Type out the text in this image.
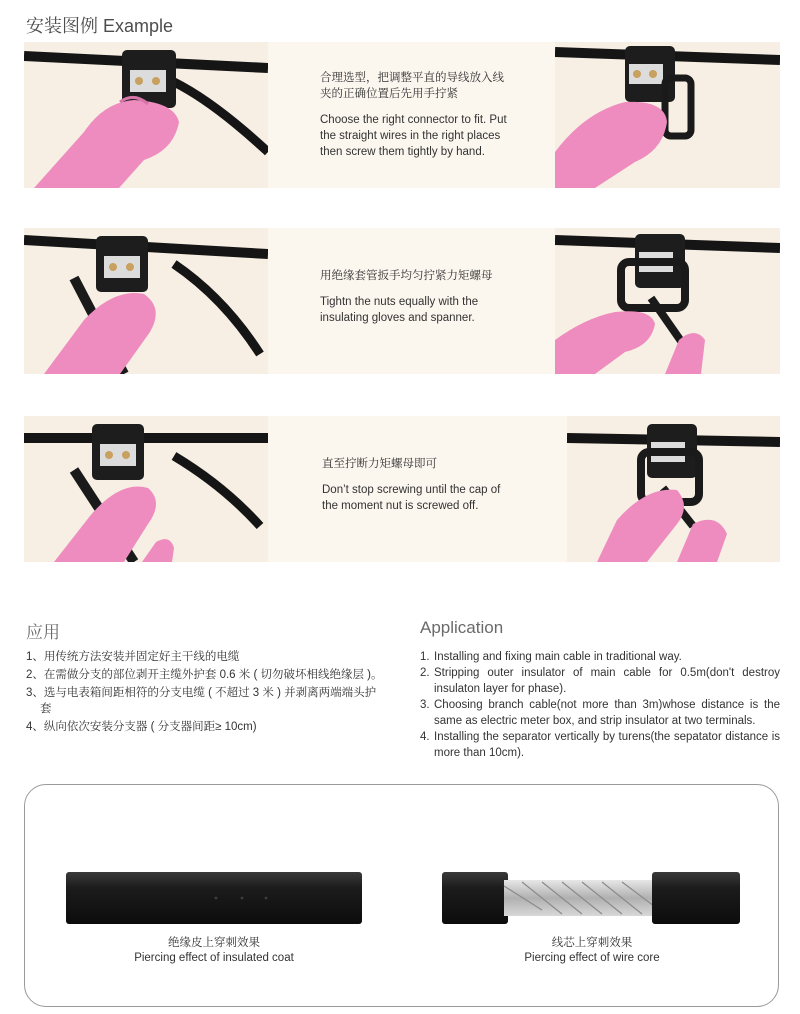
安装图例 Example
合理选型，把调整平直的导线放入线夹的正确位置后先用手拧紧
Choose the right connector to fit. Put the straight wires in the right places then screw them tightly by hand.
用绝缘套管扳手均匀拧紧力矩螺母
Tightn the nuts equally with the insulating gloves and spanner.
直至拧断力矩螺母即可
Don’t stop screwing until the cap of the moment nut is screwed off.
应用
1、用传统方法安装并固定好主干线的电缆
2、在需做分支的部位剥开主缆外护套 0.6 米 ( 切勿破坏相线绝缘层 )。
3、选与电表箱间距相符的分支电缆 ( 不超过 3 米 ) 并剥离两端端头护套
4、纵向依次安装分支器 ( 分支器间距≥ 10cm)
Application
1. Installing and fixing main cable in traditional way.
2. Stripping outer insulator of main cable for 0.5m(don't destroy insulaton layer for phase).
3. Choosing branch cable(not more than 3m)whose distance is the same as electric meter box, and strip insulator at two terminals.
4. Installing the separator vertically by turens(the sepatator distance is more than 10cm).
绝缘皮上穿刺效果
Piercing effect of insulated coat
线芯上穿刺效果
Piercing effect of wire core
